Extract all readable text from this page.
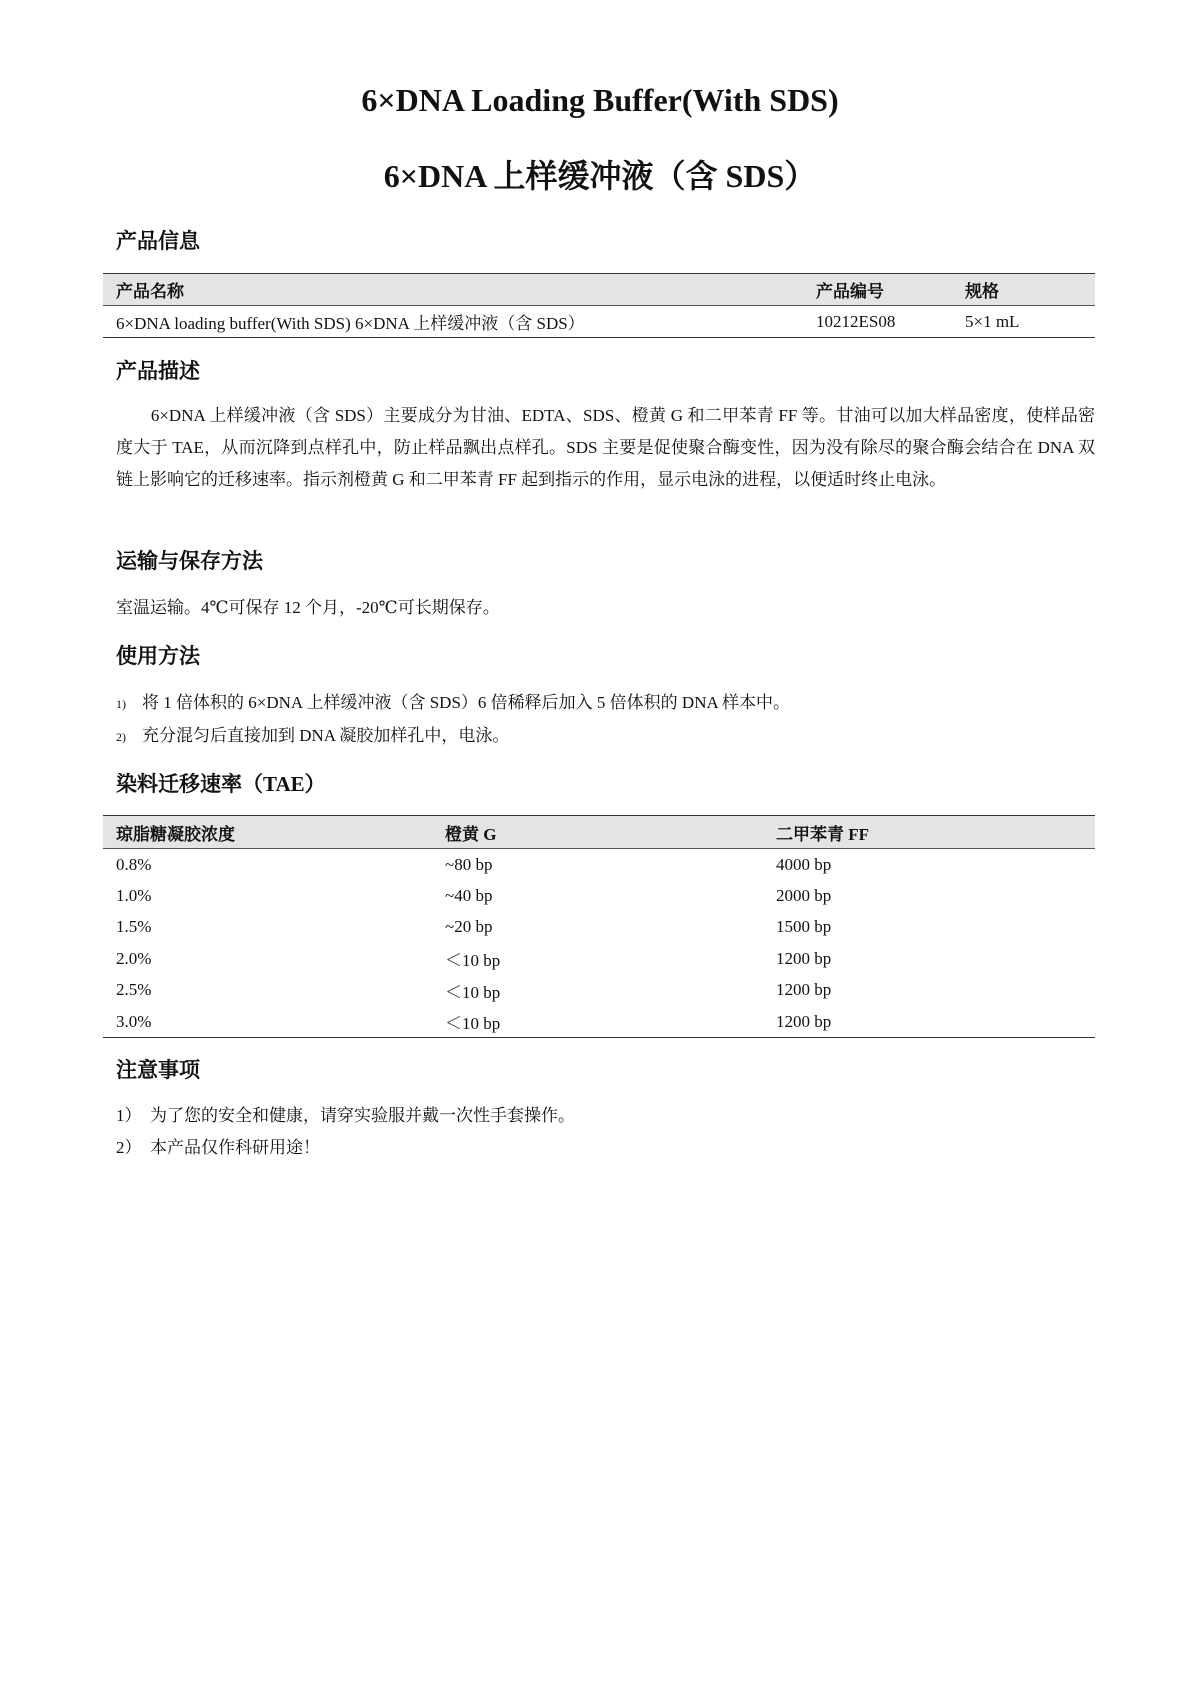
6×DNA Loading Buffer(With SDS)
6×DNA 上样缓冲液（含 SDS）
产品信息
产品名称	产品编号	规格
6×DNA loading buffer(With SDS) 6×DNA 上样缓冲液（含 SDS）	10212ES08	5×1 mL
产品描述

6×DNA 上样缓冲液（含 SDS）主要成分为甘油、EDTA、SDS、橙黄 G 和二甲苯青 FF 等。甘油可以加大样品密度，使样品密度大于 TAE，从而沉降到点样孔中，防止样品飘出点样孔。SDS 主要是促使聚合酶变性，因为没有除尽的聚合酶会结合在 DNA 双链上影响它的迁移速率。指示剂橙黄 G 和二甲苯青 FF 起到指示的作用，显示电泳的进程，以便适时终止电泳。

运输与保存方法

室温运输。4℃可保存 12 个月，-20℃可长期保存。

使用方法
1) 将 1 倍体积的 6×DNA 上样缓冲液（含 SDS）6 倍稀释后加入 5 倍体积的 DNA 样本中。
2) 充分混匀后直接加到 DNA 凝胶加样孔中，电泳。
染料迁移速率（TAE）
琼脂糖凝胶浓度	橙黄 G	二甲苯青 FF
0.8%	~80 bp	4000 bp
1.0%	~40 bp	2000 bp
1.5%	~20 bp	1500 bp
2.0%	＜10 bp	1200 bp
2.5%	＜10 bp	1200 bp
3.0%	＜10 bp	1200 bp
注意事项
1） 为了您的安全和健康，请穿实验服并戴一次性手套操作。
2） 本产品仅作科研用途！
